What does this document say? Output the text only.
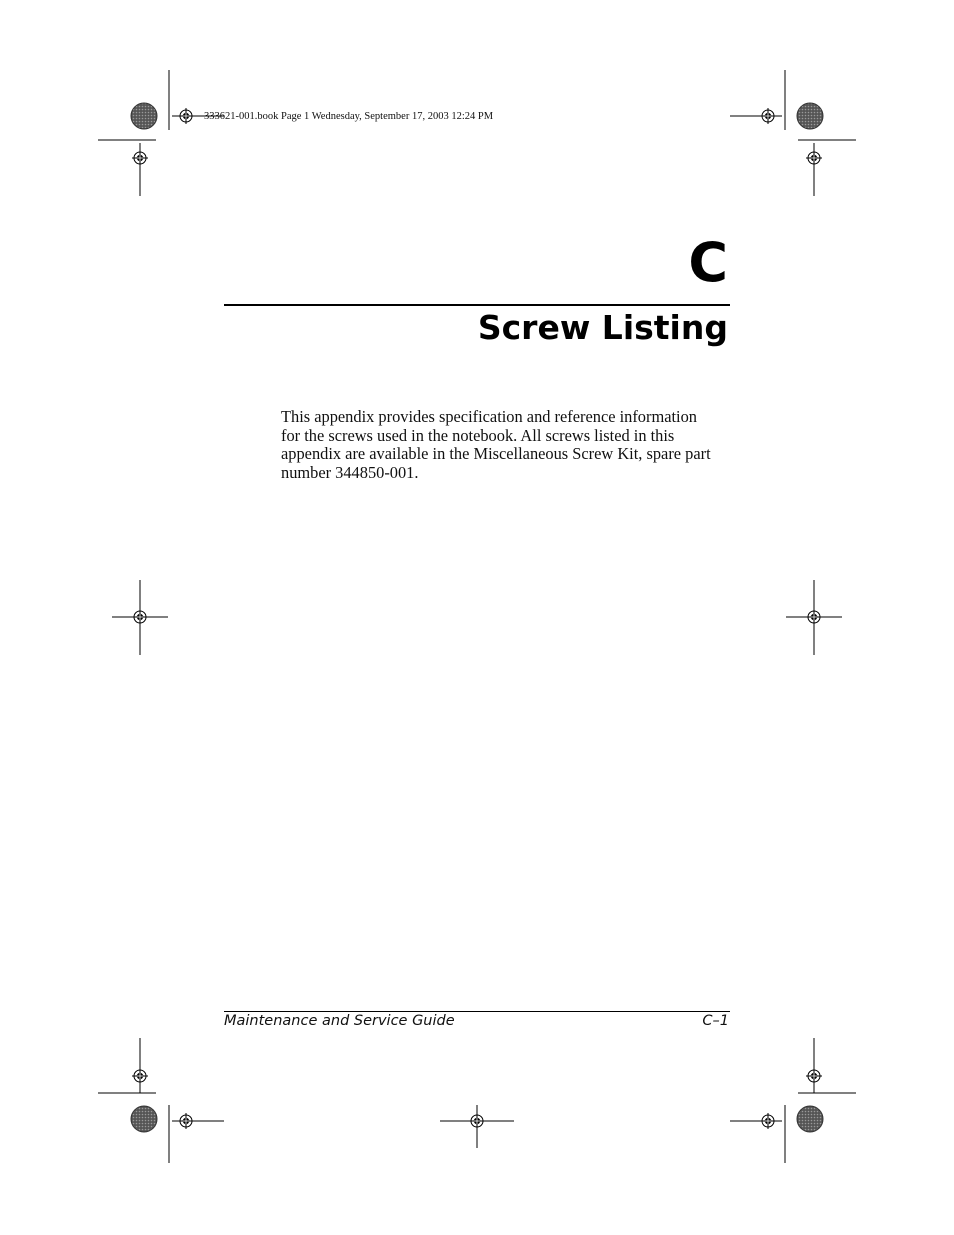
333621-001.book Page 1 Wednesday, September 17, 2003 12:24 PM
C
Screw Listing
This appendix provides specification and reference information
for the screws used in the notebook. All screws listed in this
appendix are available in the Miscellaneous Screw Kit, spare part
number 344850-001.
Maintenance and Service Guide	C–1
